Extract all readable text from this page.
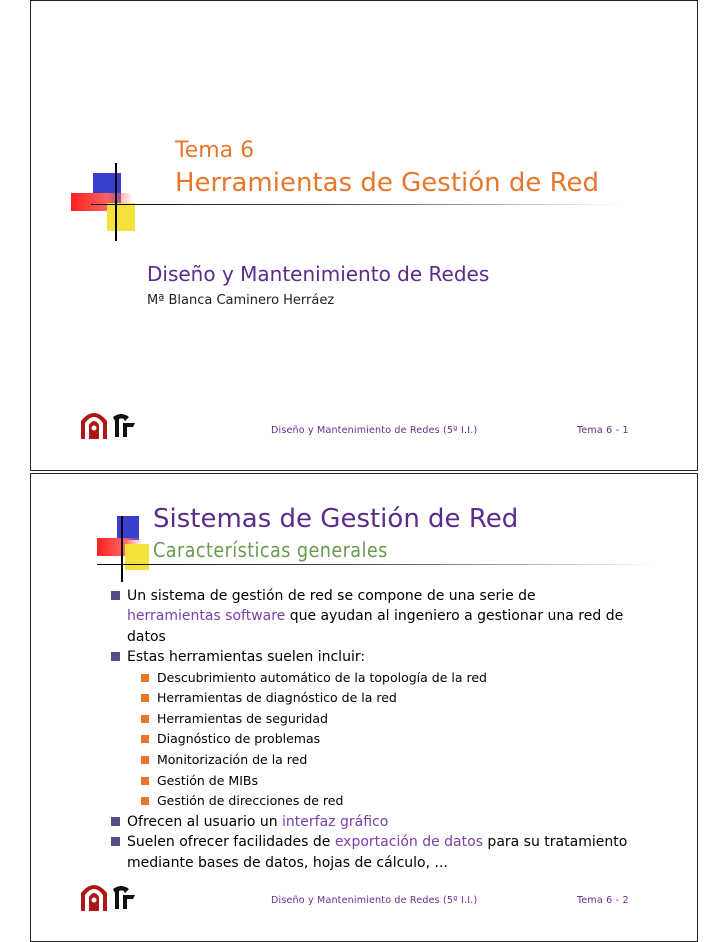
Tema 6
Herramientas de Gestión de Red
Diseño y Mantenimiento de Redes
Mª Blanca Caminero Herráez
Diseño y Mantenimiento de Redes (5º I.I.)	Tema 6 - 1
Sistemas de Gestión de Red
Características generales
Un sistema de gestión de red se compone de una serie de herramientas software que ayudan al ingeniero a gestionar una red de datos
Estas herramientas suelen incluir:
Descubrimiento automático de la topología de la red
Herramientas de diagnóstico de la red
Herramientas de seguridad
Diagnóstico de problemas
Monitorización de la red
Gestión de MIBs
Gestión de direcciones de red
Ofrecen al usuario un interfaz gráfico
Suelen ofrecer facilidades de exportación de datos para su tratamiento mediante bases de datos, hojas de cálculo, ...
Diseño y Mantenimiento de Redes (5º I.I.)	Tema 6 - 2
